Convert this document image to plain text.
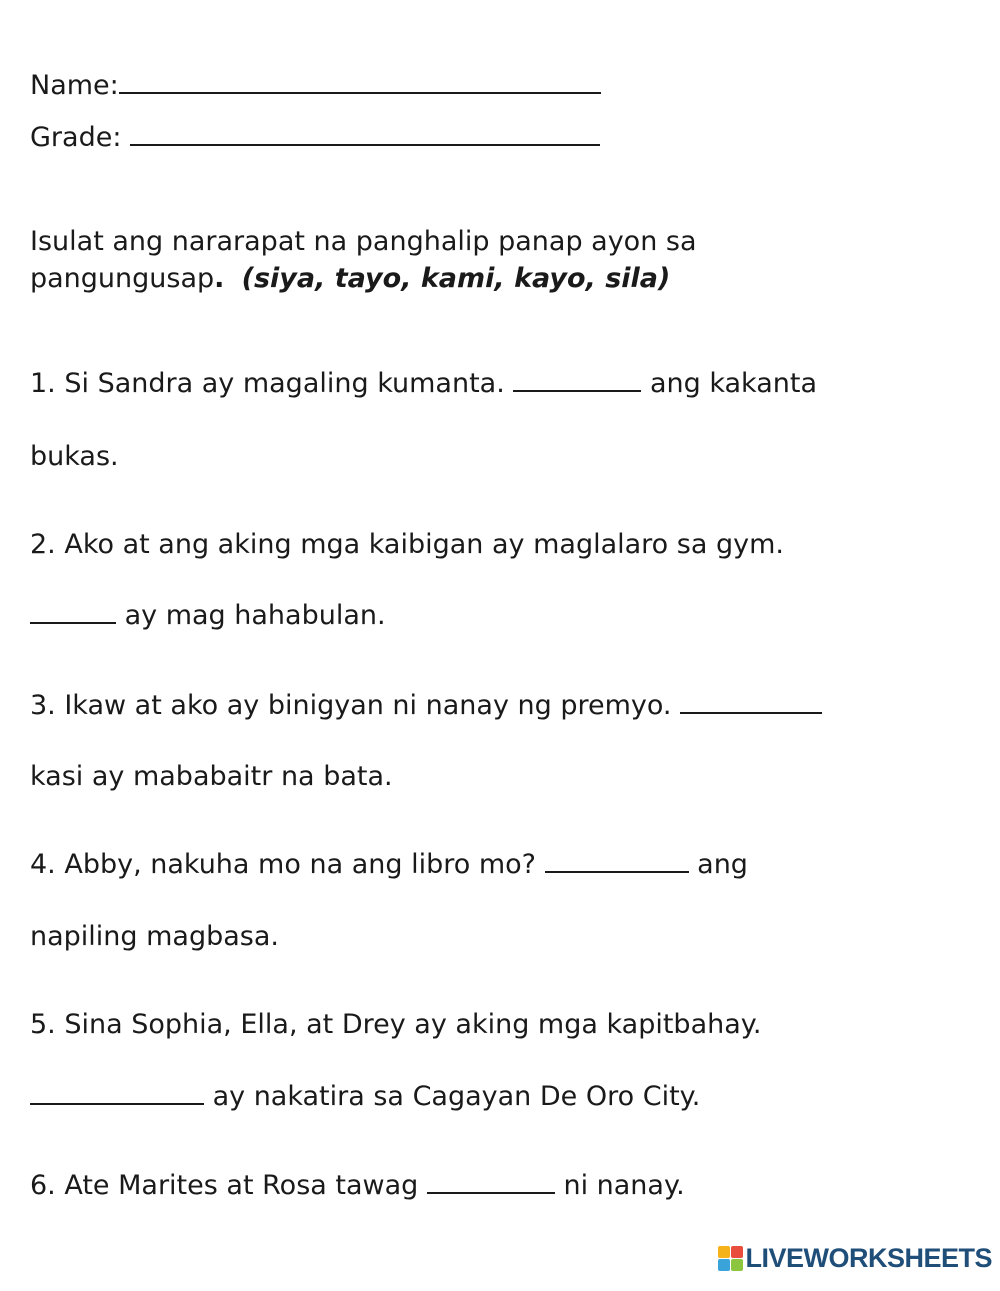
Name:
Grade:
Isulat ang nararapat na panghalip panap ayon sa
pangungusap. (siya, tayo, kami, kayo, sila)
1. Si Sandra ay magaling kumanta.	ang kakanta
bukas.
2. Ako at ang aking mga kaibigan ay maglalaro sa gym.
ay mag hahabulan.
3. Ikaw at ako ay binigyan ni nanay ng premyo.
kasi ay mababaitr na bata.
4. Abby, nakuha mo na ang libro mo?	ang
napiling magbasa.
5. Sina Sophia, Ella, at Drey ay aking mga kapitbahay.
ay nakatira sa Cagayan De Oro City.
6. Ate Marites at Rosa tawag	ni nanay.
LIVEWORKSHEETS
